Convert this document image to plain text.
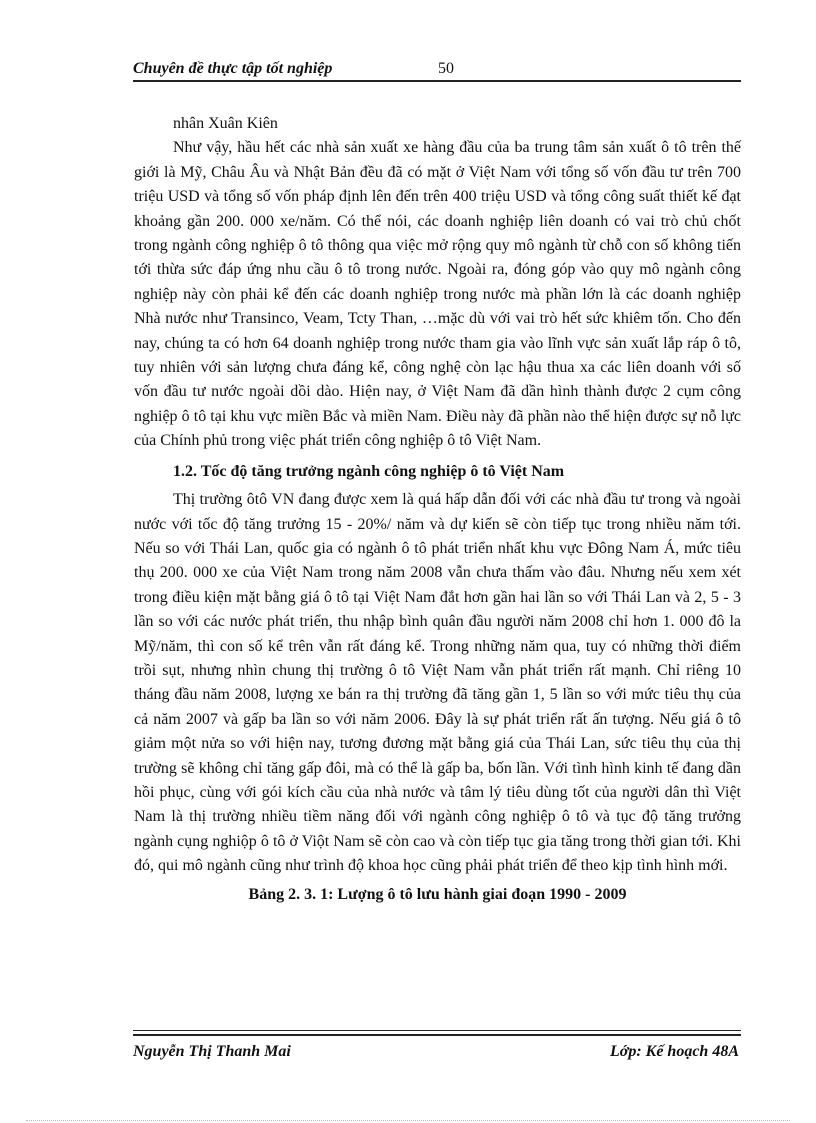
Chuyên đề thực tập tốt nghiệp	50

nhân Xuân Kiên

Như vậy, hầu hết các nhà sản xuất xe hàng đầu của ba trung tâm sản xuất ô tô trên thế giới là Mỹ, Châu Âu và Nhật Bản đều đã có mặt ở Việt Nam với tổng số vốn đầu tư trên 700 triệu USD và tổng số vốn pháp định lên đến trên 400 triệu USD và tổng công suất thiết kế đạt khoảng gần 200. 000 xe/năm. Có thể nói, các doanh nghiệp liên doanh có vai trò chủ chốt trong ngành công nghiệp ô tô thông qua việc mở rộng quy mô ngành từ chỗ con số không tiến tới thừa sức đáp ứng nhu cầu ô tô trong nước. Ngoài ra, đóng góp vào quy mô ngành công nghiệp này còn phải kể đến các doanh nghiệp trong nước mà phần lớn là các doanh nghiệp Nhà nước như Transinco, Veam, Tcty Than, …mặc dù với vai trò hết sức khiêm tốn. Cho đến nay, chúng ta có hơn 64 doanh nghiệp trong nước tham gia vào lĩnh vực sản xuất lắp ráp ô tô, tuy nhiên với sản lượng chưa đáng kể, công nghệ còn lạc hậu thua xa các liên doanh với số vốn đầu tư nước ngoài dồi dào. Hiện nay, ở Việt Nam đã dần hình thành được 2 cụm công nghiệp ô tô tại khu vực miền Bắc và miền Nam. Điều này đã phần nào thể hiện được sự nỗ lực của Chính phủ trong việc phát triển công nghiệp ô tô Việt Nam.

1.2. Tốc độ tăng trưởng ngành công nghiệp ô tô Việt Nam

Thị trường ôtô VN đang được xem là quá hấp dẫn đối với các nhà đầu tư trong và ngoài nước với tốc độ tăng trưởng 15 - 20%/ năm và dự kiến sẽ còn tiếp tục trong nhiều năm tới. Nếu so với Thái Lan, quốc gia có ngành ô tô phát triển nhất khu vực Đông Nam Á, mức tiêu thụ 200. 000 xe của Việt Nam trong năm 2008 vẫn chưa thấm vào đâu. Nhưng nếu xem xét trong điều kiện mặt bằng giá ô tô tại Việt Nam đắt hơn gần hai lần so với Thái Lan và 2, 5 - 3 lần so với các nước phát triển, thu nhập bình quân đầu người năm 2008 chỉ hơn 1. 000 đô la Mỹ/năm, thì con số kể trên vẫn rất đáng kể. Trong những năm qua, tuy có những thời điểm trồi sụt, nhưng nhìn chung thị trường ô tô Việt Nam vẫn phát triển rất mạnh. Chỉ riêng 10 tháng đầu năm 2008, lượng xe bán ra thị trường đã tăng gần 1, 5 lần so với mức tiêu thụ của cả năm 2007 và gấp ba lần so với năm 2006. Đây là sự phát triển rất ấn tượng. Nếu giá ô tô giảm một nửa so với hiện nay, tương đương mặt bằng giá của Thái Lan, sức tiêu thụ của thị trường sẽ không chỉ tăng gấp đôi, mà có thể là gấp ba, bốn lần. Với tình hình kinh tế đang dần hồi phục, cùng với gói kích cầu của nhà nước và tâm lý tiêu dùng tốt của người dân thì Việt Nam là thị trường nhiều tiềm năng đối với ngành công nghiệp ô tô và tục độ tăng trưởng ngành cụng nghiộp ô tô ở Viột Nam sẽ còn cao và còn tiếp tục gia tăng trong thời gian tới. Khi đó, qui mô ngành cũng như trình độ khoa học cũng phải phát triển để theo kịp tình hình mới.

Bảng 2. 3. 1: Lượng ô tô lưu hành giai đoạn 1990 - 2009
Nguyễn Thị Thanh Mai	Lớp: Kế hoạch 48A
